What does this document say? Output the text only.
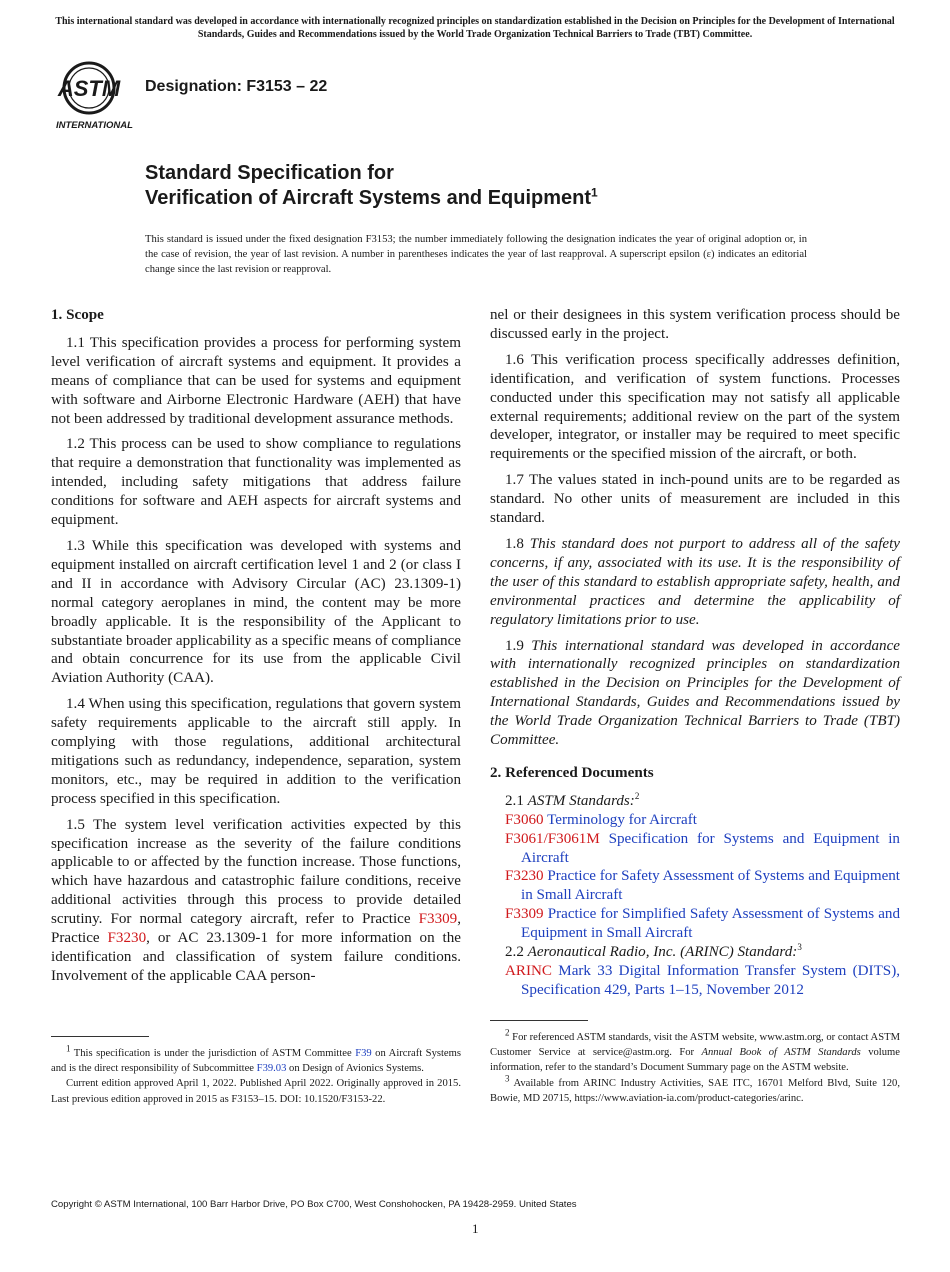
This international standard was developed in accordance with internationally recognized principles on standardization established in the Decision on Principles for the Development of International Standards, Guides and Recommendations issued by the World Trade Organization Technical Barriers to Trade (TBT) Committee.
ASTM
INTERNATIONAL
Designation: F3153 – 22
Standard Specification for
Verification of Aircraft Systems and Equipment$^1$
This standard is issued under the fixed designation F3153; the number immediately following the designation indicates the year of original adoption or, in the case of revision, the year of last revision. A number in parentheses indicates the year of last reapproval. A superscript epsilon (ε) indicates an editorial change since the last revision or reapproval.

1. Scope

1.1 This specification provides a process for performing system level verification of aircraft systems and equipment. It provides a means of compliance that can be used for systems and equipment with software and Airborne Electronic Hardware (AEH) that have not been addressed by traditional development assurance methods.

1.2 This process can be used to show compliance to regulations that require a demonstration that functionality was implemented as intended, including safety mitigations that address failure conditions for software and AEH aspects for aircraft systems and equipment.

1.3 While this specification was developed with systems and equipment installed on aircraft certification level 1 and 2 (or class I and II in accordance with Advisory Circular (AC) 23.1309-1) normal category aeroplanes in mind, the content may be more broadly applicable. It is the responsibility of the Applicant to substantiate broader applicability as a specific means of compliance and obtain concurrence for its use from the applicable Civil Aviation Authority (CAA).

1.4 When using this specification, regulations that govern system safety requirements applicable to the aircraft still apply. In complying with those regulations, additional architectural mitigations such as redundancy, independence, separation, system monitors, etc., may be required in addition to the verification process specified in this specification.

1.5 The system level verification activities expected by this specification increase as the severity of the failure conditions applicable to or affected by the function increase. Those functions, which have hazardous and catastrophic failure conditions, receive additional activities through this process to provide detailed scrutiny. For normal category aircraft, refer to Practice F3309, Practice F3230, or AC 23.1309-1 for more information on the identification and classification of system failure conditions. Involvement of the applicable CAA person-

nel or their designees in this system verification process should be discussed early in the project.

1.6 This verification process specifically addresses definition, identification, and verification of system functions. Processes conducted under this specification may not satisfy all applicable external requirements; additional review on the part of the system developer, integrator, or installer may be required to meet specific requirements or the specified mission of the aircraft, or both.

1.7 The values stated in inch-pound units are to be regarded as standard. No other units of measurement are included in this standard.

1.8 This standard does not purport to address all of the safety concerns, if any, associated with its use. It is the responsibility of the user of this standard to establish appropriate safety, health, and environmental practices and determine the applicability of regulatory limitations prior to use.

1.9 This international standard was developed in accordance with internationally recognized principles on standardization established in the Decision on Principles for the Development of International Standards, Guides and Recommendations issued by the World Trade Organization Technical Barriers to Trade (TBT) Committee.

2. Referenced Documents

2.1 ASTM Standards:$^2$

F3060 Terminology for Aircraft

F3061/F3061M Specification for Systems and Equipment in Aircraft

F3230 Practice for Safety Assessment of Systems and Equipment in Small Aircraft

F3309 Practice for Simplified Safety Assessment of Systems and Equipment in Small Aircraft

2.2 Aeronautical Radio, Inc. (ARINC) Standard:$^3$

ARINC Mark 33 Digital Information Transfer System (DITS), Specification 429, Parts 1–15, November 2012

$^1$ This specification is under the jurisdiction of ASTM Committee F39 on Aircraft Systems and is the direct responsibility of Subcommittee F39.03 on Design of Avionics Systems.

Current edition approved April 1, 2022. Published April 2022. Originally approved in 2015. Last previous edition approved in 2015 as F3153–15. DOI: 10.1520/F3153-22.

$^2$ For referenced ASTM standards, visit the ASTM website, www.astm.org, or contact ASTM Customer Service at service@astm.org. For Annual Book of ASTM Standards volume information, refer to the standard’s Document Summary page on the ASTM website.

$^3$ Available from ARINC Industry Activities, SAE ITC, 16701 Melford Blvd, Suite 120, Bowie, MD 20715, https://www.aviation-ia.com/product-categories/arinc.

Copyright © ASTM International, 100 Barr Harbor Drive, PO Box C700, West Conshohocken, PA 19428-2959. United States
1
